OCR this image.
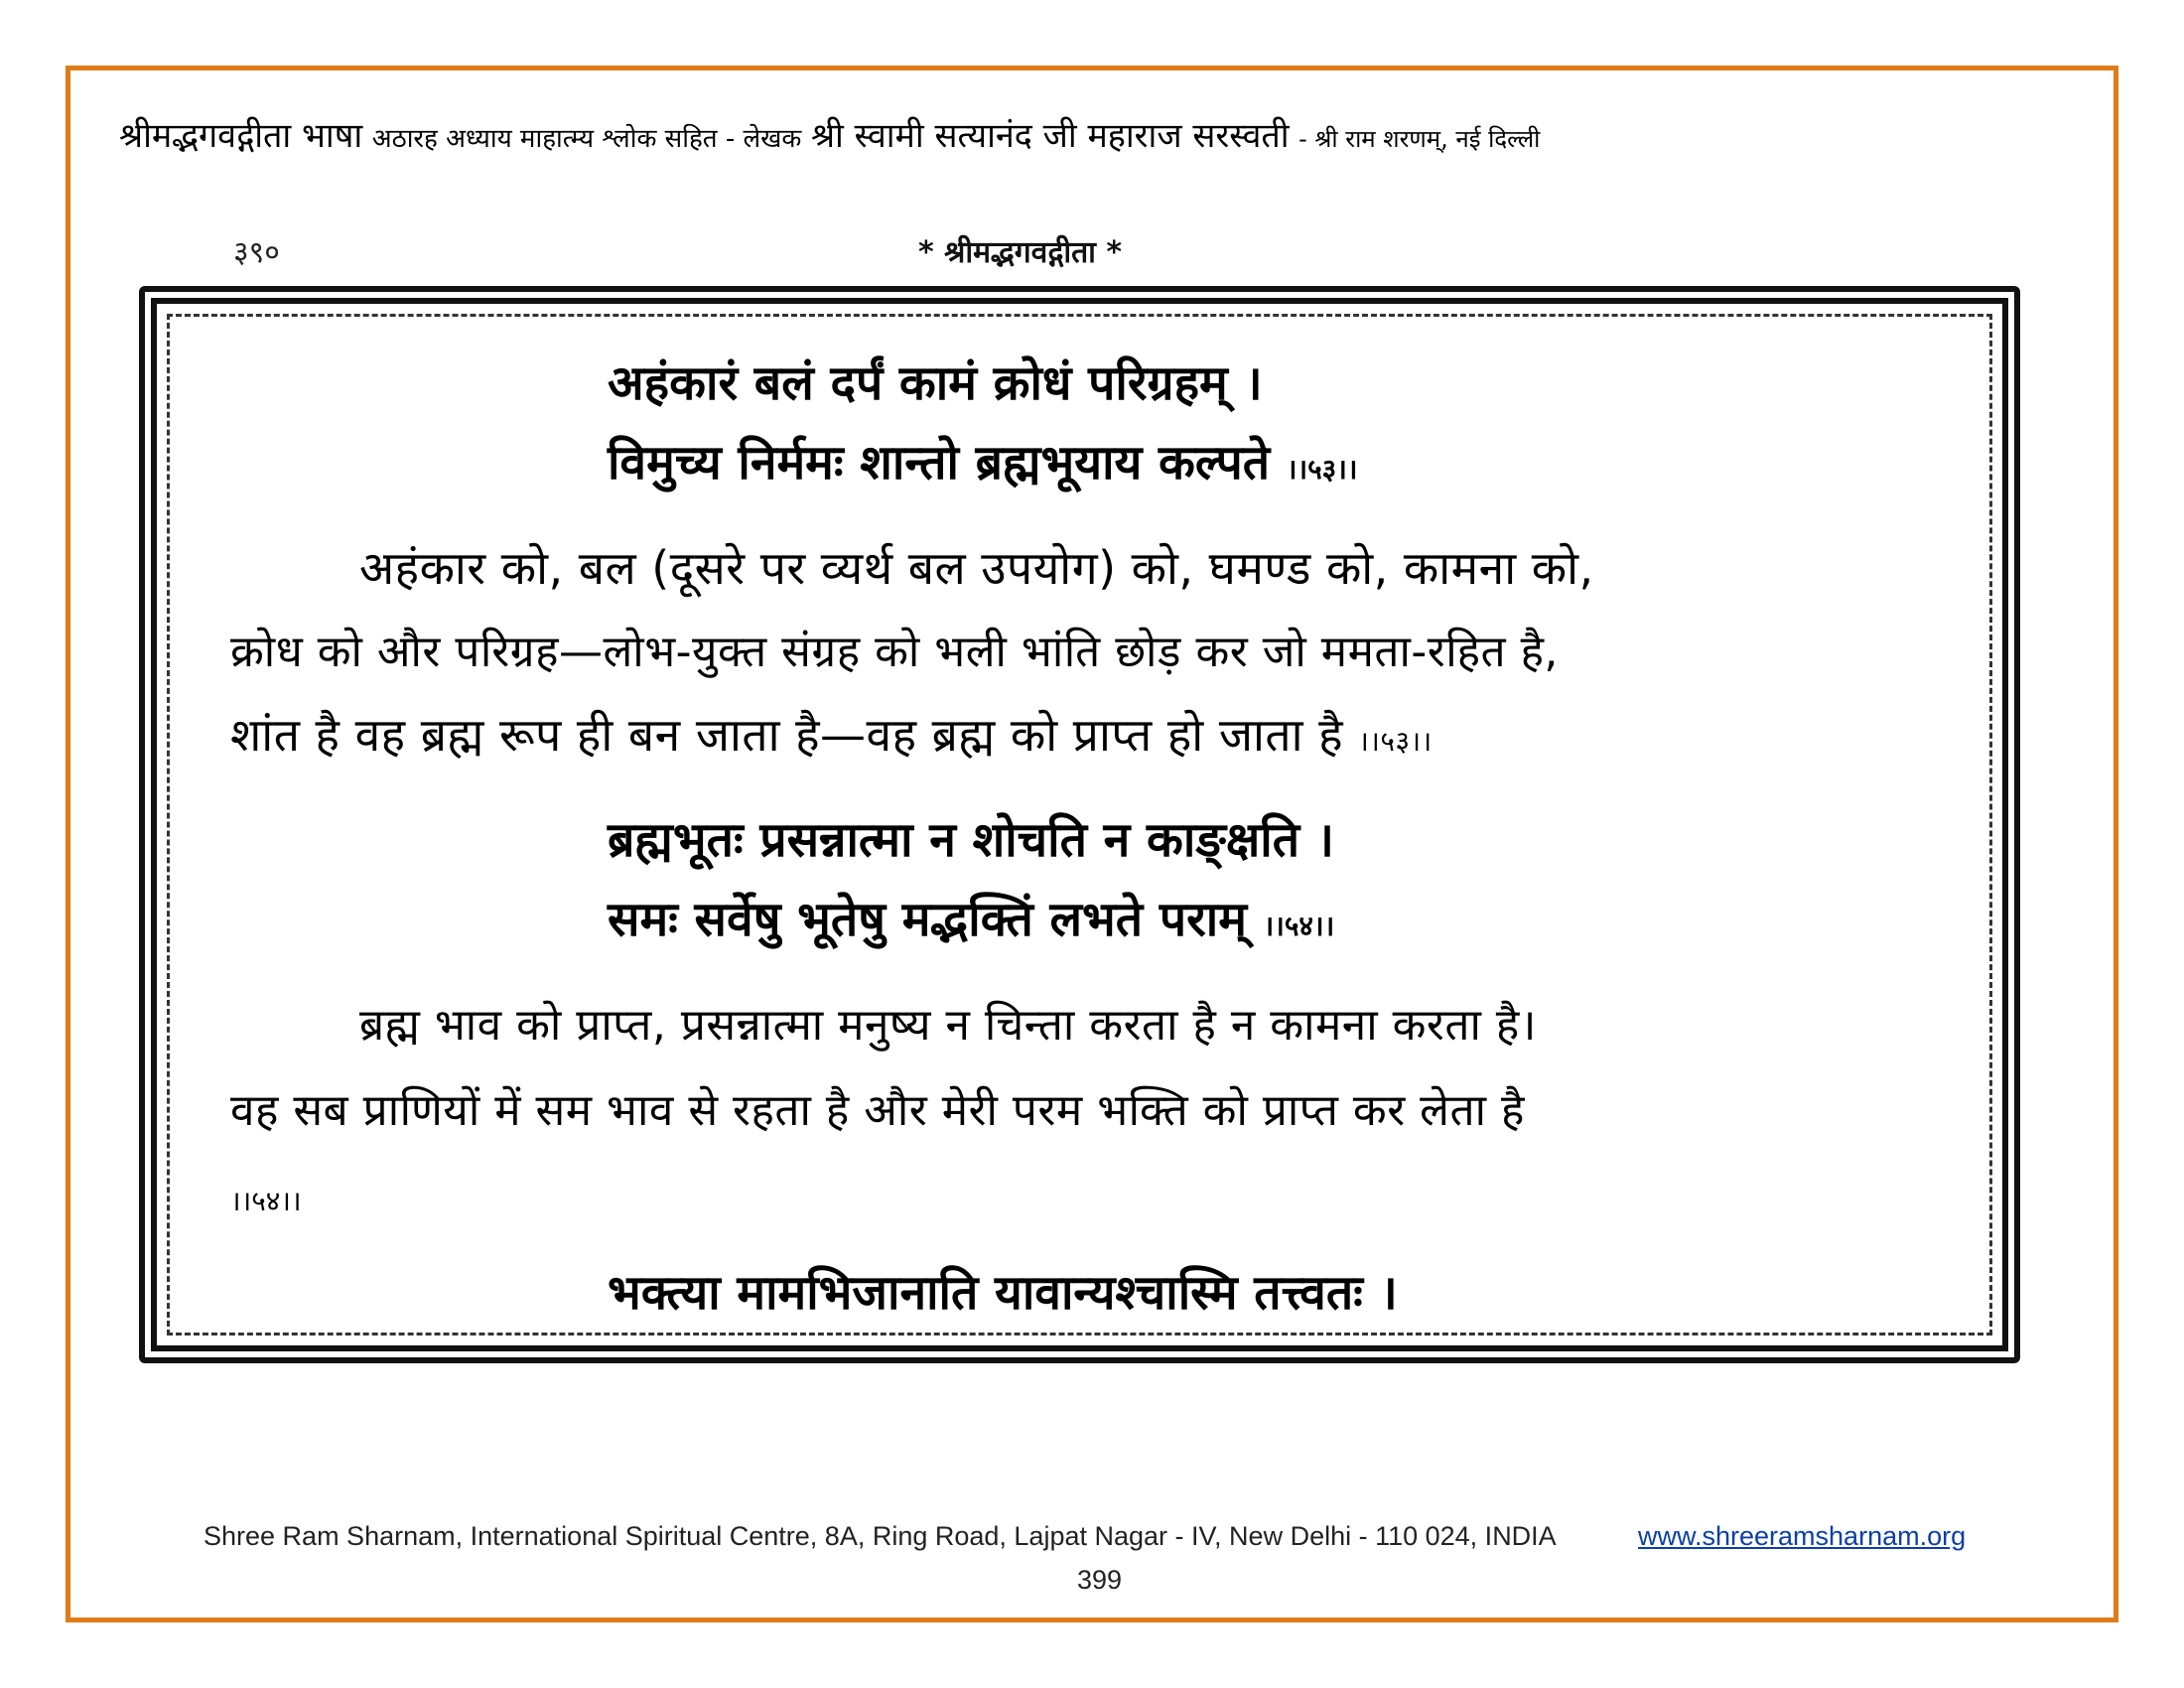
श्रीमद्भगवद्गीता भाषा अठारह अध्याय माहात्म्य श्लोक सहित - लेखक श्री स्वामी सत्यानंद जी महाराज सरस्वती - श्री राम शरणम्, नई दिल्ली
३९०	* श्रीमद्भगवद्गीता *
अहंकारं बलं दर्पं कामं क्रोधं परिग्रहम् ।
विमुच्य निर्ममः शान्तो ब्रह्मभूयाय कल्पते ।।५३।।
अहंकार को, बल (दूसरे पर व्यर्थ बल उपयोग) को, घमण्ड को, कामना को,
क्रोध को और परिग्रह—लोभ-युक्त संग्रह को भली भांति छोड़ कर जो ममता-रहित है,
शांत है वह ब्रह्म रूप ही बन जाता है—वह ब्रह्म को प्राप्त हो जाता है ।।५३।।
ब्रह्मभूतः प्रसन्नात्मा न शोचति न काङ्क्षति ।
समः सर्वेषु भूतेषु मद्भक्तिं लभते पराम् ।।५४।।
ब्रह्म भाव को प्राप्त, प्रसन्नात्मा मनुष्य न चिन्ता करता है न कामना करता है।
वह सब प्राणियों में सम भाव से रहता है और मेरी परम भक्ति को प्राप्त कर लेता है
।।५४।।
भक्त्या मामभिजानाति यावान्यश्चास्मि तत्त्वतः ।
Shree Ram Sharnam, International Spiritual Centre, 8A, Ring Road, Lajpat Nagar - IV, New Delhi - 110 024, INDIA	www.shreeramsharnam.org
399
